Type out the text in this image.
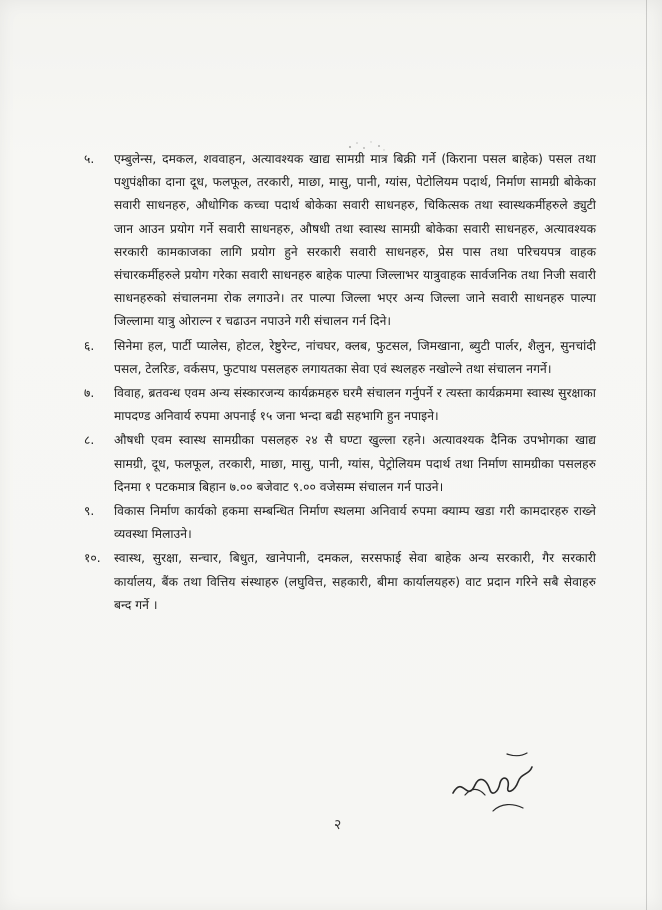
५.	एम्बुलेन्स, दमकल, शववाहन, अत्यावश्यक खाद्य सामग्री मात्र बिक्री गर्ने (किराना पसल बाहेक) पसल तथा पशुपंक्षीका दाना दूध, फलफूल, तरकारी, माछा, मासु, पानी, ग्यांस, पेटोलियम पदार्थ, निर्माण सामग्री बोकेका सवारी साधनहरु, औधोगिक कच्चा पदार्थ बोकेका सवारी साधनहरु, चिकित्सक तथा स्वास्थकर्मीहरुले ड्युटी जान आउन प्रयोग गर्ने सवारी साधनहरु, औषधी तथा स्वास्थ सामग्री बोकेका सवारी साधनहरु, अत्यावश्यक सरकारी कामकाजका लागि प्रयोग हुने सरकारी सवारी साधनहरु, प्रेस पास तथा परिचयपत्र वाहक संचारकर्मीहरुले प्रयोग गरेका सवारी साधनहरु बाहेक पाल्पा जिल्लाभर यात्रुवाहक सार्वजनिक तथा निजी सवारी साधनहरुको संचालनमा रोक लगाउने। तर पाल्पा जिल्ला भएर अन्य जिल्ला जाने सवारी साधनहरु पाल्पा जिल्लामा यात्रु ओराल्न र चढाउन नपाउने गरी संचालन गर्न दिने।
६.	सिनेमा हल, पार्टी प्यालेस, होटल, रेष्टुरेन्ट, नांचघर, क्लब, फुटसल, जिमखाना, ब्युटी पार्लर, शैलुन, सुनचांदी पसल, टेलरिङ, वर्कसप, फुटपाथ पसलहरु लगायतका सेवा एवं स्थलहरु नखोल्ने तथा संचालन नगर्ने।
७.	विवाह, ब्रतवन्ध एवम अन्य संस्कारजन्य कार्यक्रमहरु घरमै संचालन गर्नुपर्ने र त्यस्ता कार्यक्रममा स्वास्थ सुरक्षाका मापदण्ड अनिवार्य रुपमा अपनाई १५ जना भन्दा बढी सहभागि हुन नपाइने।
८.	औषधी एवम स्वास्थ सामग्रीका पसलहरु २४ सै घण्टा खुल्ला रहने। अत्यावश्यक दैनिक उपभोगका खाद्य सामग्री, दूध, फलफूल, तरकारी, माछा, मासु, पानी, ग्यांस, पेट्रोलियम पदार्थ तथा निर्माण सामग्रीका पसलहरु दिनमा १ पटकमात्र बिहान ७.०० बजेवाट ९.०० वजेसम्म संचालन गर्न पाउने।
९.	विकास निर्माण कार्यको हकमा सम्बन्धित निर्माण स्थलमा अनिवार्य रुपमा क्याम्प खडा गरी कामदारहरु राख्ने व्यवस्था मिलाउने।
१०.	स्वास्थ, सुरक्षा, सन्चार, बिधुत, खानेपानी, दमकल, सरसफाई सेवा बाहेक अन्य सरकारी, गैर सरकारी कार्यालय, बैंक तथा वित्तिय संस्थाहरु (लघुवित्त, सहकारी, बीमा कार्यालयहरु) वाट प्रदान गरिने सबै सेवाहरु बन्द गर्ने ।
२
